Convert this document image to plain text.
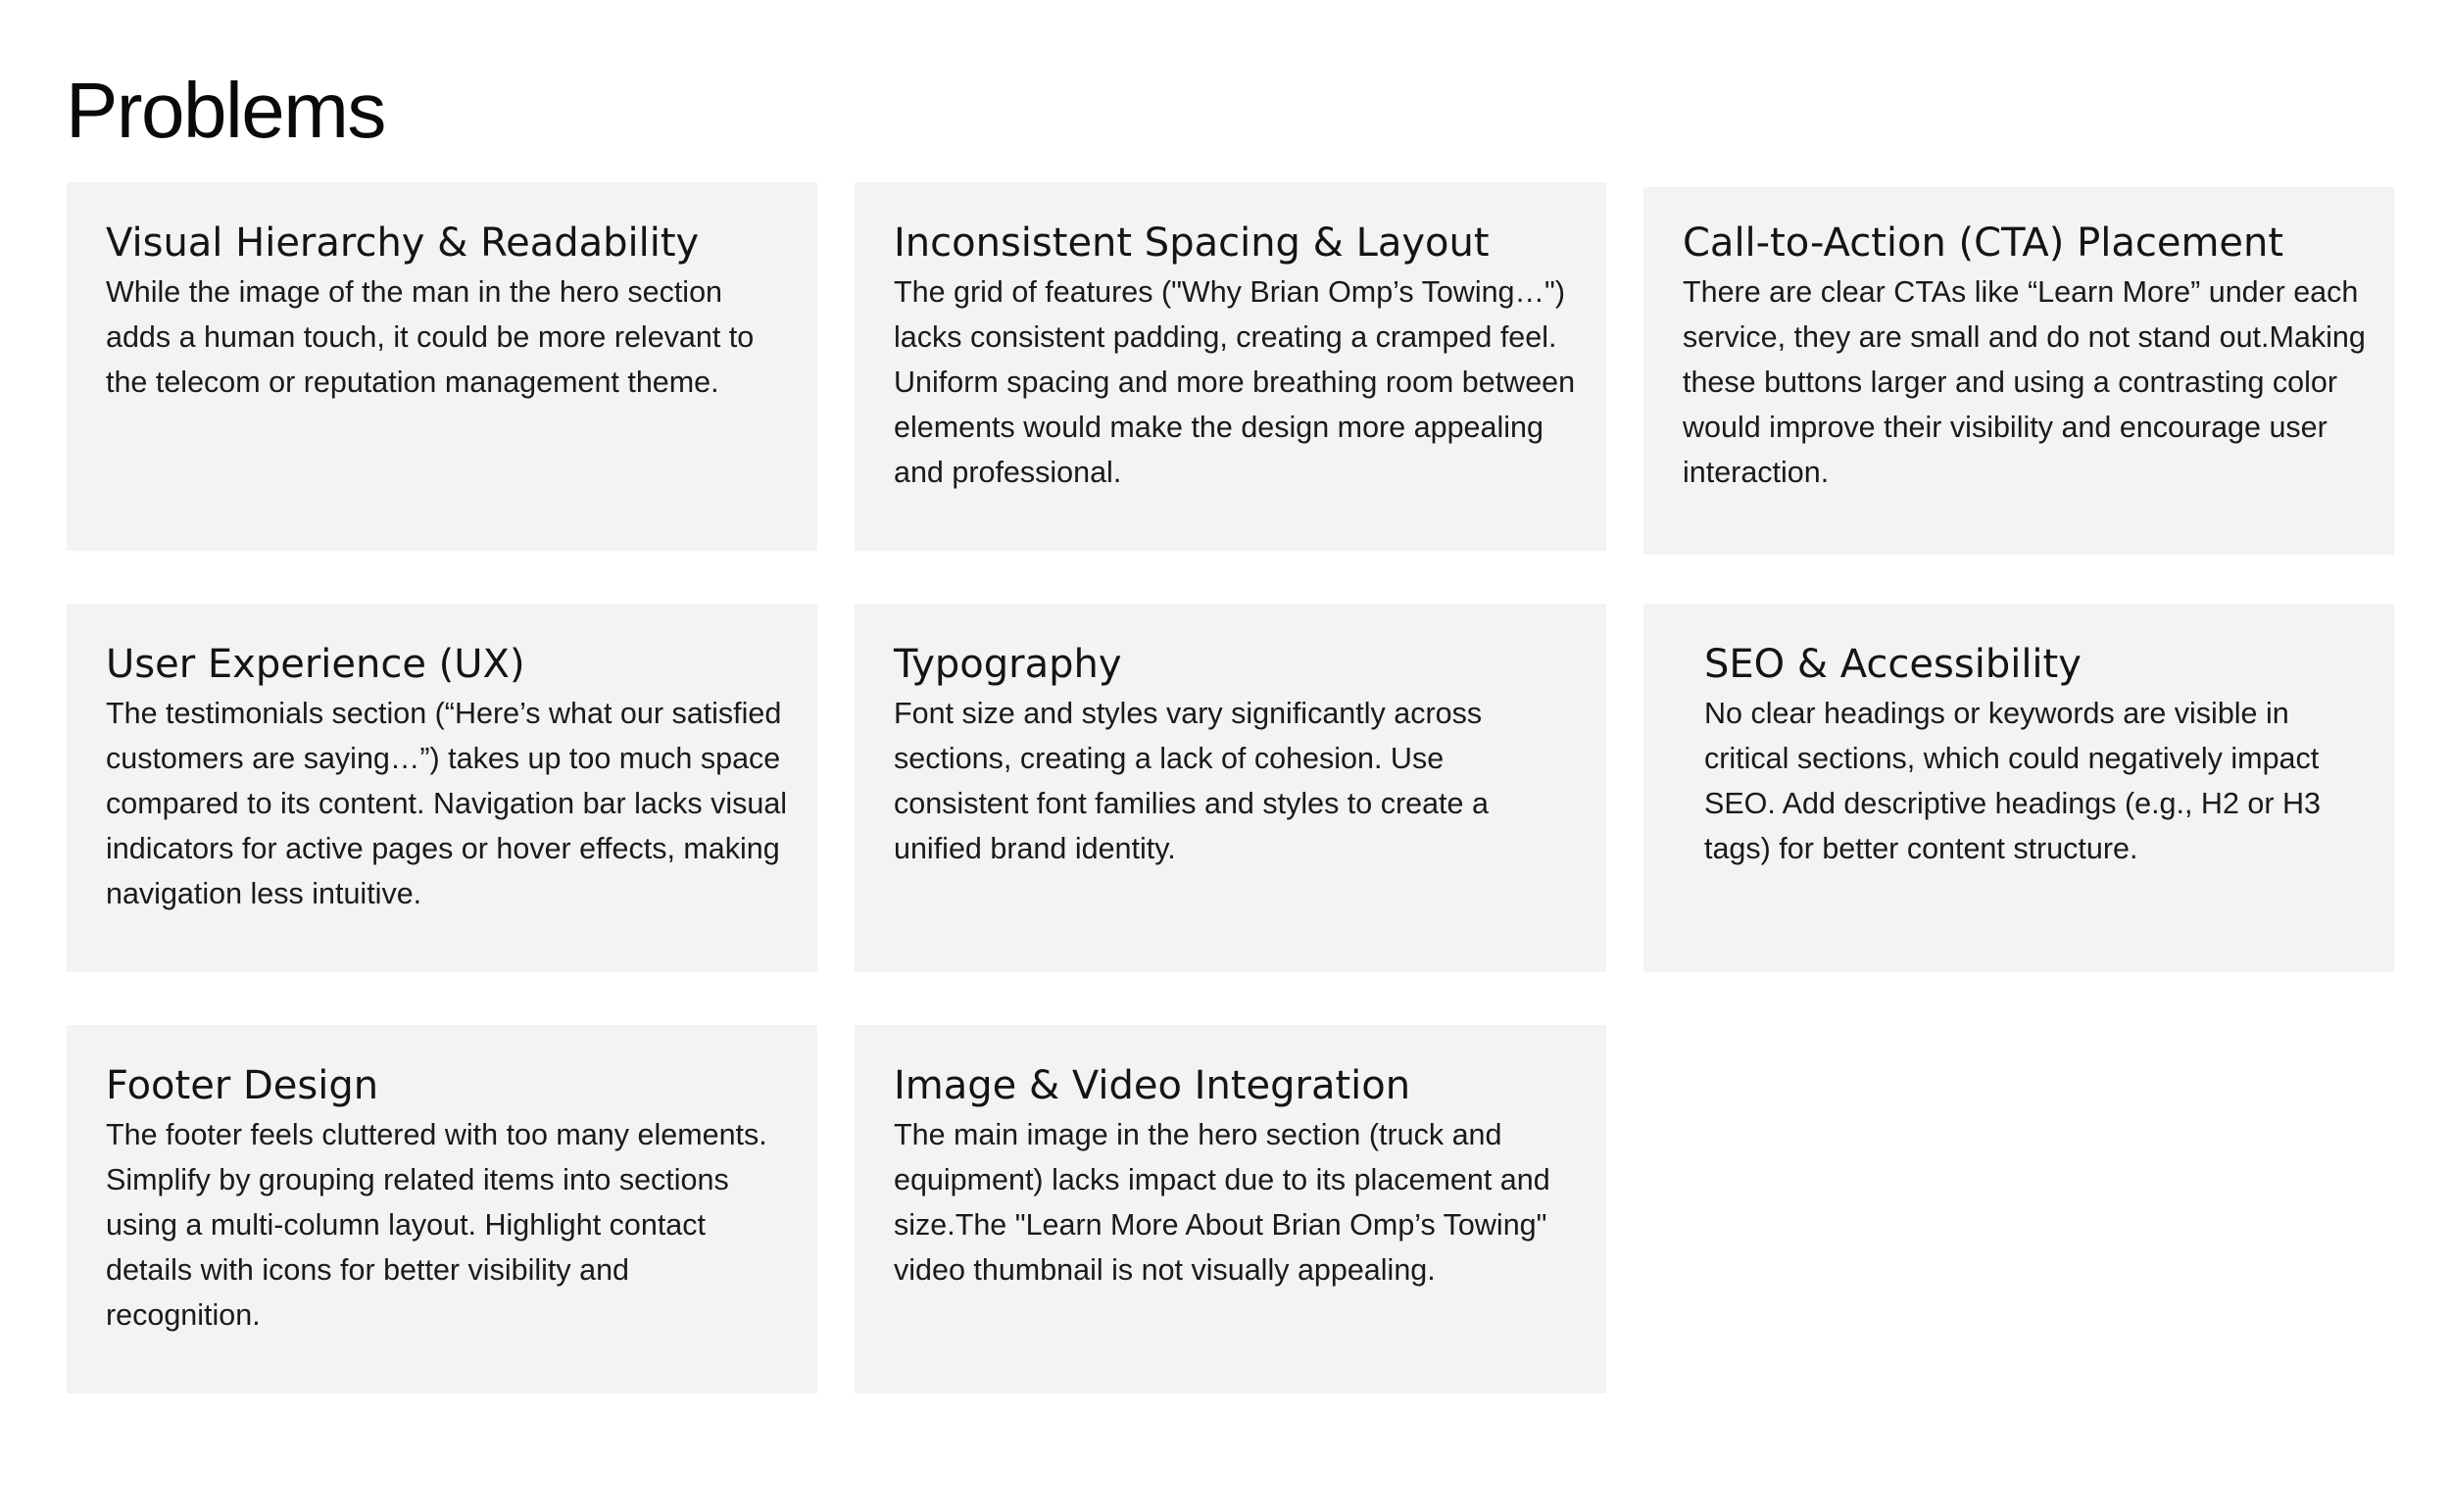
Problems
Visual Hierarchy & Readability

While the image of the man in the hero section adds a human touch, it could be more relevant to the telecom or reputation management theme.

Inconsistent Spacing & Layout

The grid of features ("Why Brian Omp’s Towing…") lacks consistent padding, creating a cramped feel. Uniform spacing and more breathing room between elements would make the design more appealing and professional.

Call-to-Action (CTA) Placement

There are clear CTAs like “Learn More” under each service, they are small and do not stand out.Making these buttons larger and using a contrasting color would improve their visibility and encourage user interaction.

User Experience (UX)

The testimonials section (“Here’s what our satisfied customers are saying…”) takes up too much space compared to its content. Navigation bar lacks visual indicators for active pages or hover effects, making navigation less intuitive.

Typography

Font size and styles vary significantly across sections, creating a lack of cohesion. Use consistent font families and styles to create a unified brand identity.

SEO & Accessibility

No clear headings or keywords are visible in critical sections, which could negatively impact SEO. Add descriptive headings (e.g., H2 or H3 tags) for better content structure.

Footer Design

The footer feels cluttered with too many elements. Simplify by grouping related items into sections using a multi-column layout. Highlight contact details with icons for better visibility and recognition.

Image & Video Integration

The main image in the hero section (truck and equipment) lacks impact due to its placement and size.The "Learn More About Brian Omp’s Towing" video thumbnail is not visually appealing.
